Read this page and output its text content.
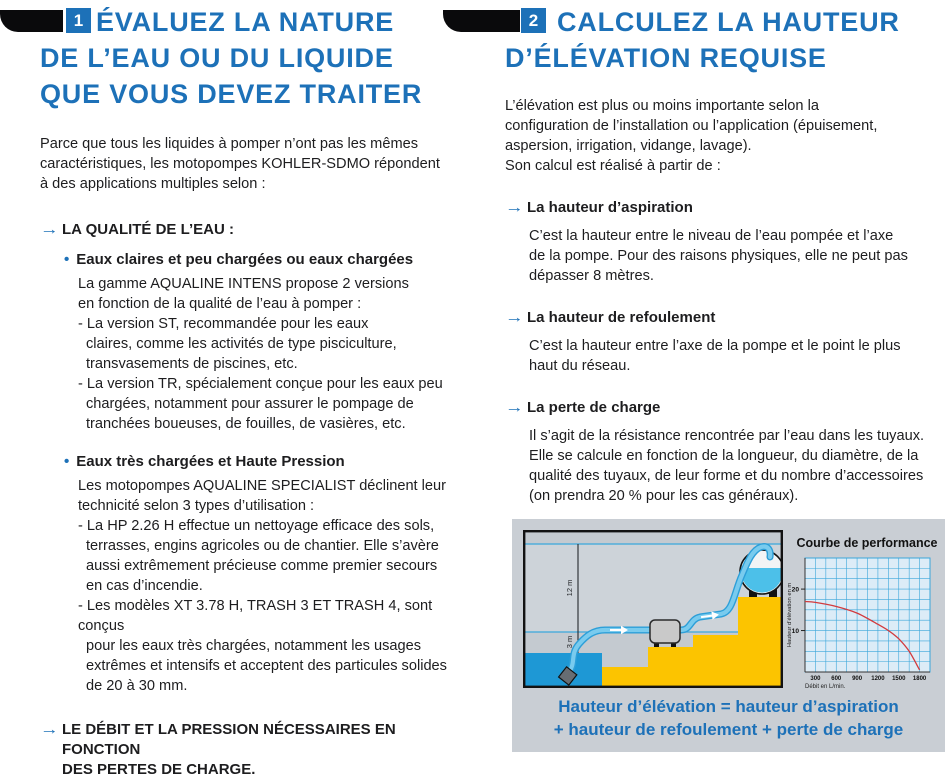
1	2
ÉVALUEZ LA NATURE
DE L’EAU OU DU LIQUIDE
QUE VOUS DEVEZ TRAITER
CALCULEZ LA HAUTEUR
D’ÉLÉVATION REQUISE
Parce que tous les liquides à pomper n’ont pas les mêmes
caractéristiques, les motopompes KOHLER-SDMO répondent
à des applications multiples selon :
→ LA QUALITÉ DE L’EAU :
• Eaux claires et peu chargées ou eaux chargées
La gamme AQUALINE INTENS propose 2 versions
en fonction de la qualité de l’eau à pomper :
- La version ST, recommandée pour les eaux
claires, comme les activités de type pisciculture,
transvasements de piscines, etc.
- La version TR, spécialement conçue pour les eaux peu
chargées, notamment pour assurer le pompage de
tranchées boueuses, de fouilles, de vasières, etc.
• Eaux très chargées et Haute Pression
Les motopompes AQUALINE SPECIALIST déclinent leur
technicité selon 3 types d’utilisation :
- La HP 2.26 H effectue un nettoyage efficace des sols,
terrasses, engins agricoles ou de chantier. Elle s’avère
aussi extrêmement précieuse comme premier secours
en cas d’incendie.
- Les modèles XT 3.78 H, TRASH 3 ET TRASH 4, sont conçus
pour les eaux très chargées, notamment les usages
extrêmes et intensifs et acceptent des particules solides
de 20 à 30 mm.
→ LE DÉBIT ET LA PRESSION NÉCESSAIRES EN FONCTION
DES PERTES DE CHARGE.
L’élévation est plus ou moins importante selon la
configuration de l’installation ou l’application (épuisement,
aspersion, irrigation, vidange, lavage).
Son calcul est réalisé à partir de :
→ La hauteur d’aspiration
C’est la hauteur entre le niveau de l’eau pompée et l’axe
de la pompe. Pour des raisons physiques, elle ne peut pas
dépasser 8 mètres.
→ La hauteur de refoulement
C’est la hauteur entre l’axe de la pompe et le point le plus
haut du réseau.
→ La perte de charge
Il s’agit de la résistance rencontrée par l’eau dans les tuyaux.
Elle se calcule en fonction de la longueur, du diamètre, de la
qualité des tuyaux, de leur forme et du nombre d’accessoires
(on prendra 20 % pour les cas généraux).
12 m
3 m
Courbe de performance
10
20
300 600 900 1200 1500 1800
Débit en L/min.
Hauteur d’élévation en m
Hauteur d’élévation = hauteur d’aspiration
+ hauteur de refoulement + perte de charge
